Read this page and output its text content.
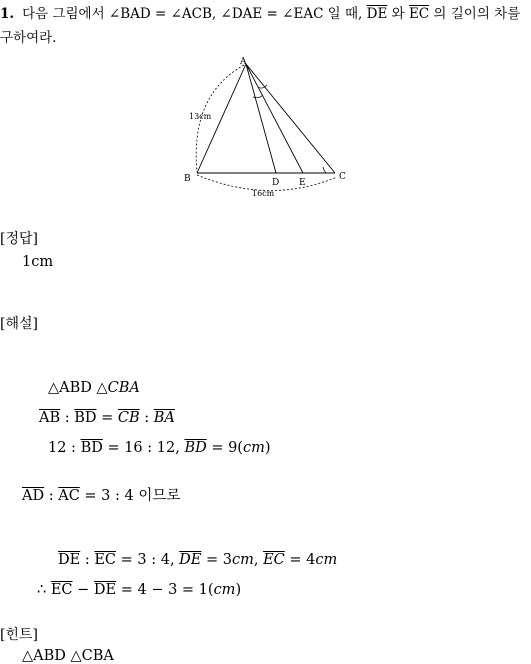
1. 다음 그림에서 ∠BAD = ∠ACB, ∠DAE = ∠EAC 일 때, $\overline{DE}$ 와 $\overline{EC}$ 의 길이의 차를 구하여라.
A
B	C
D E
13cm
16cm
[정답]
1cm
[해설]
△ABD △CBA
$\overline{AB}$ : $\overline{BD} = \overline{CB}$ : $\overline{BA}$
12 : $\overline{BD} = 16$ : 12, $\overline{BD} = 9(cm)$
$\overline{AD}$ : $\overline{AC} = 3$ : 4 이므로
$\overline{DE}$ : $\overline{EC} = 3$ : 4, $\overline{DE} = 3cm$, $\overline{EC} = 4cm$
∴ $\overline{EC} - \overline{DE} = 4 - 3 = 1(cm)$
[힌트]
△ABD △CBA
